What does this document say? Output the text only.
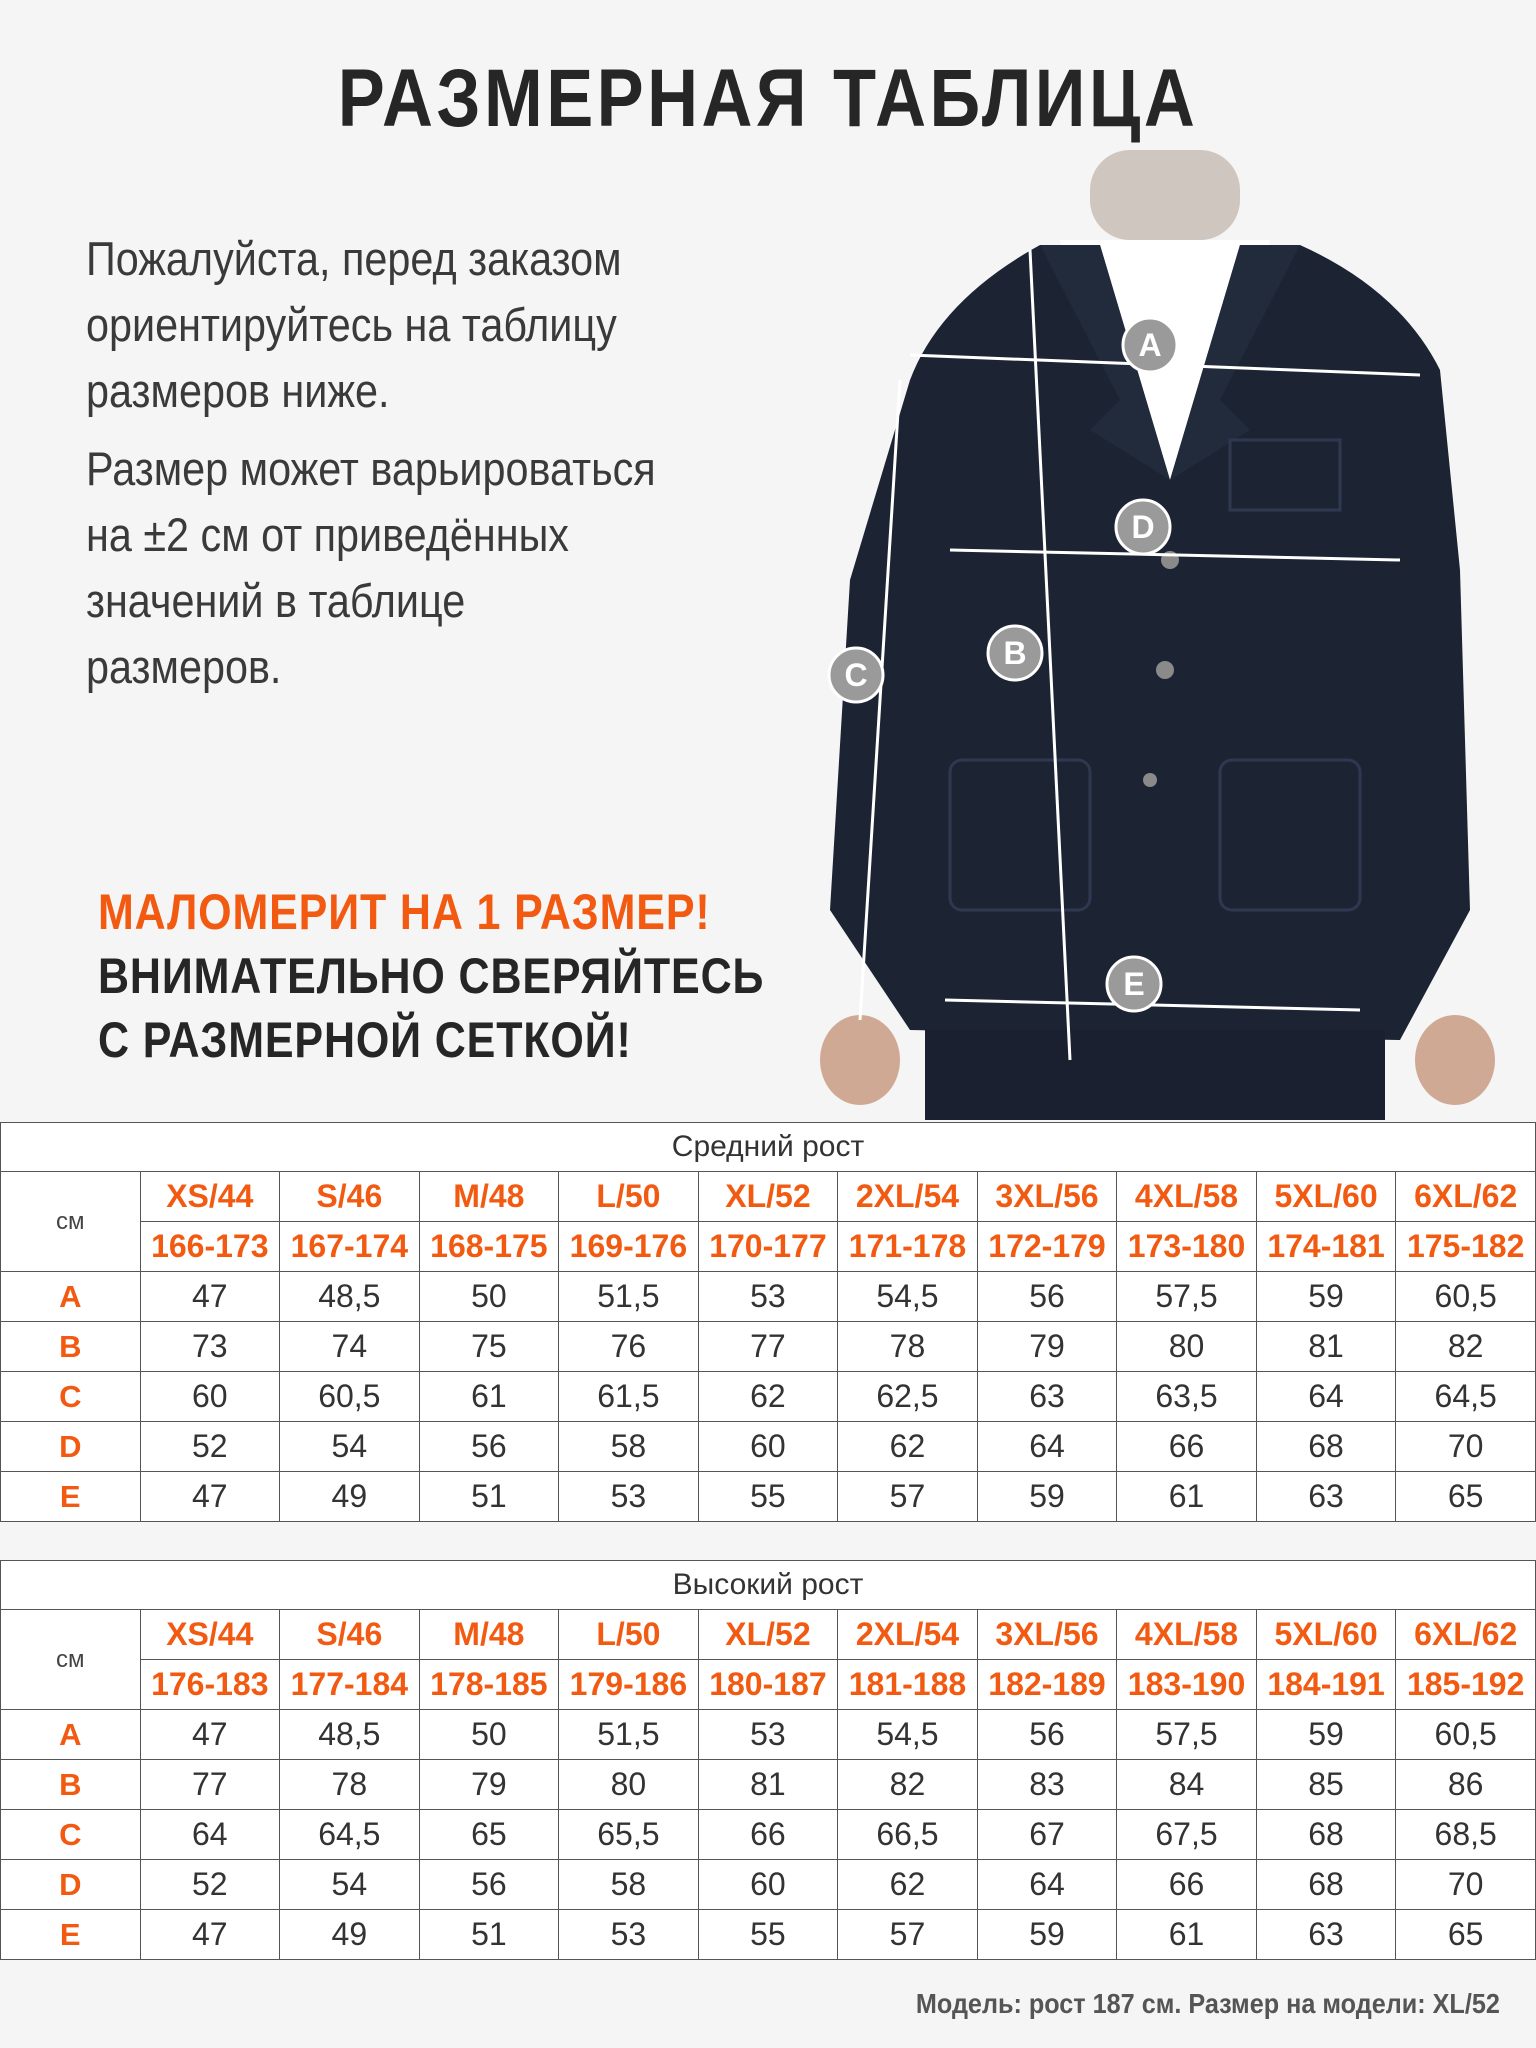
РАЗМЕРНАЯ ТАБЛИЦА

Пожалуйста, перед заказом

ориентируйтесь на таблицу

размеров ниже.

Размер может варьироваться

на ±2 см от приведённых

значений в таблице

размеров.

МАЛОМЕРИТ НА 1 РАЗМЕР!
ВНИМАТЕЛЬНО СВЕРЯЙТЕСЬ
С РАЗМЕРНОЙ СЕТКОЙ!
A
D
B
C
E
Средний рост										
см	XS/44	S/46	M/48	L/50	XL/52	2XL/54	3XL/56	4XL/58	5XL/60	6XL/62
	166-173	167-174	168-175	169-176	170-177	171-178	172-179	173-180	174-181	175-182
A	47	48,5	50	51,5	53	54,5	56	57,5	59	60,5
B	73	74	75	76	77	78	79	80	81	82
C	60	60,5	61	61,5	62	62,5	63	63,5	64	64,5
D	52	54	56	58	60	62	64	66	68	70
E	47	49	51	53	55	57	59	61	63	65
Высокий рост										
см	XS/44	S/46	M/48	L/50	XL/52	2XL/54	3XL/56	4XL/58	5XL/60	6XL/62
	176-183	177-184	178-185	179-186	180-187	181-188	182-189	183-190	184-191	185-192
A	47	48,5	50	51,5	53	54,5	56	57,5	59	60,5
B	77	78	79	80	81	82	83	84	85	86
C	64	64,5	65	65,5	66	66,5	67	67,5	68	68,5
D	52	54	56	58	60	62	64	66	68	70
E	47	49	51	53	55	57	59	61	63	65
Модель: рост 187 см. Размер на модели: XL/52
